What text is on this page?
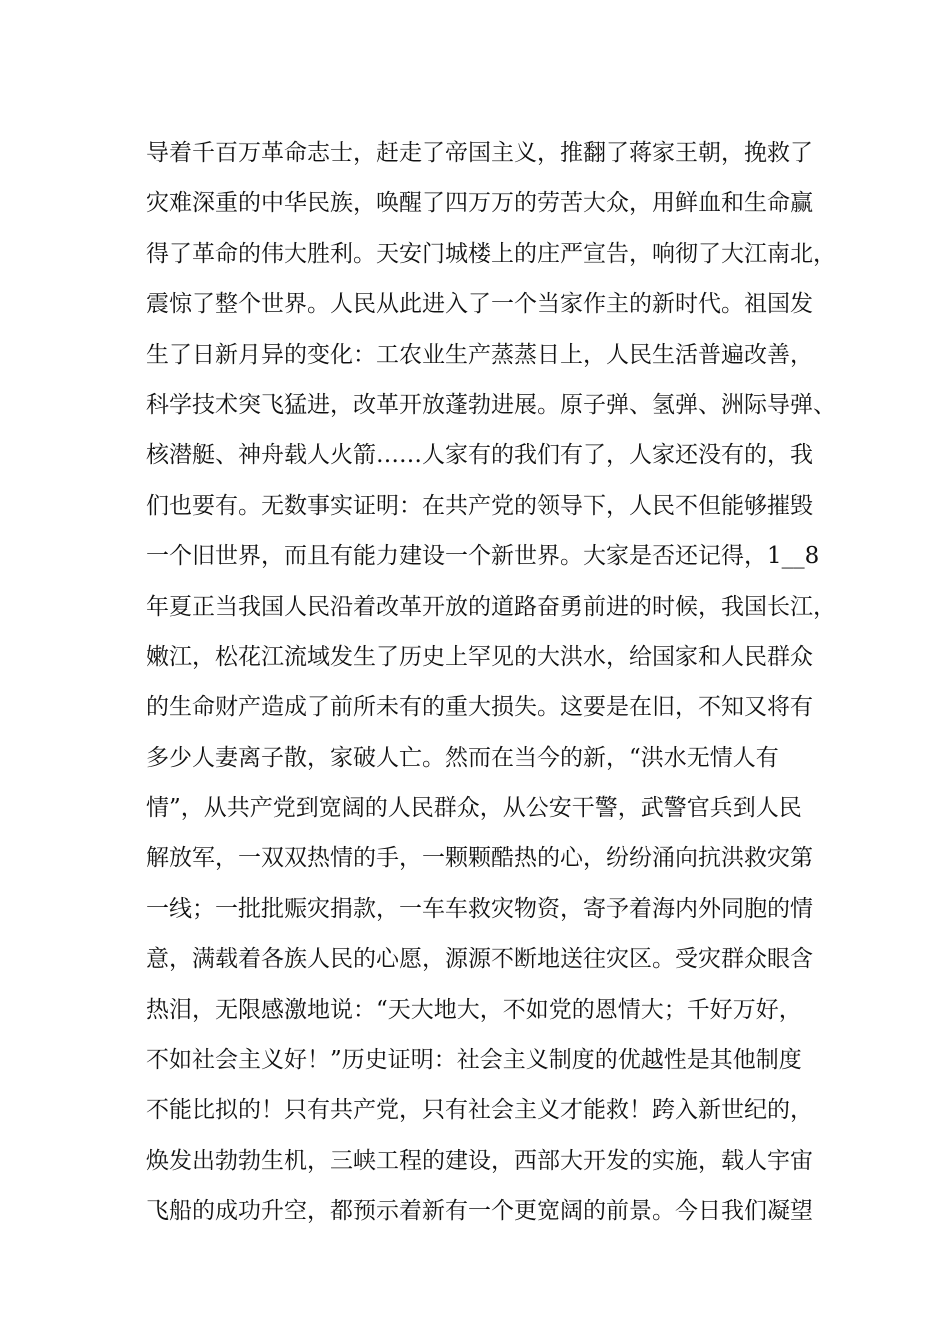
导着千百万革命志士，赶走了帝国主义，推翻了蒋家王朝，挽救了
灾难深重的中华民族，唤醒了四万万的劳苦大众，用鲜血和生命赢
得了革命的伟大胜利。天安门城楼上的庄严宣告，响彻了大江南北，
震惊了整个世界。人民从此进入了一个当家作主的新时代。祖国发
生了日新月异的变化：工农业生产蒸蒸日上，人民生活普遍改善，
科学技术突飞猛进，改革开放蓬勃进展。原子弹、氢弹、洲际导弹、
核潜艇、神舟载人火箭……人家有的我们有了，人家还没有的，我
们也要有。无数事实证明：在共产党的领导下，人民不但能够摧毁
一个旧世界，而且有能力建设一个新世界。大家是否还记得，1__8
年夏正当我国人民沿着改革开放的道路奋勇前进的时候，我国长江，
嫩江，松花江流域发生了历史上罕见的大洪水，给国家和人民群众
的生命财产造成了前所未有的重大损失。这要是在旧，不知又将有
多少人妻离子散，家破人亡。然而在当今的新，“洪水无情人有
情”，从共产党到宽阔的人民群众，从公安干警，武警官兵到人民
解放军，一双双热情的手，一颗颗酷热的心，纷纷涌向抗洪救灾第
一线；一批批赈灾捐款，一车车救灾物资，寄予着海内外同胞的情
意，满载着各族人民的心愿，源源不断地送往灾区。受灾群众眼含
热泪，无限感激地说：“天大地大，不如党的恩情大；千好万好，
不如社会主义好！”历史证明：社会主义制度的优越性是其他制度
不能比拟的！只有共产党，只有社会主义才能救！跨入新世纪的，
焕发出勃勃生机，三峡工程的建设，西部大开发的实施，载人宇宙
飞船的成功升空，都预示着新有一个更宽阔的前景。今日我们凝望
